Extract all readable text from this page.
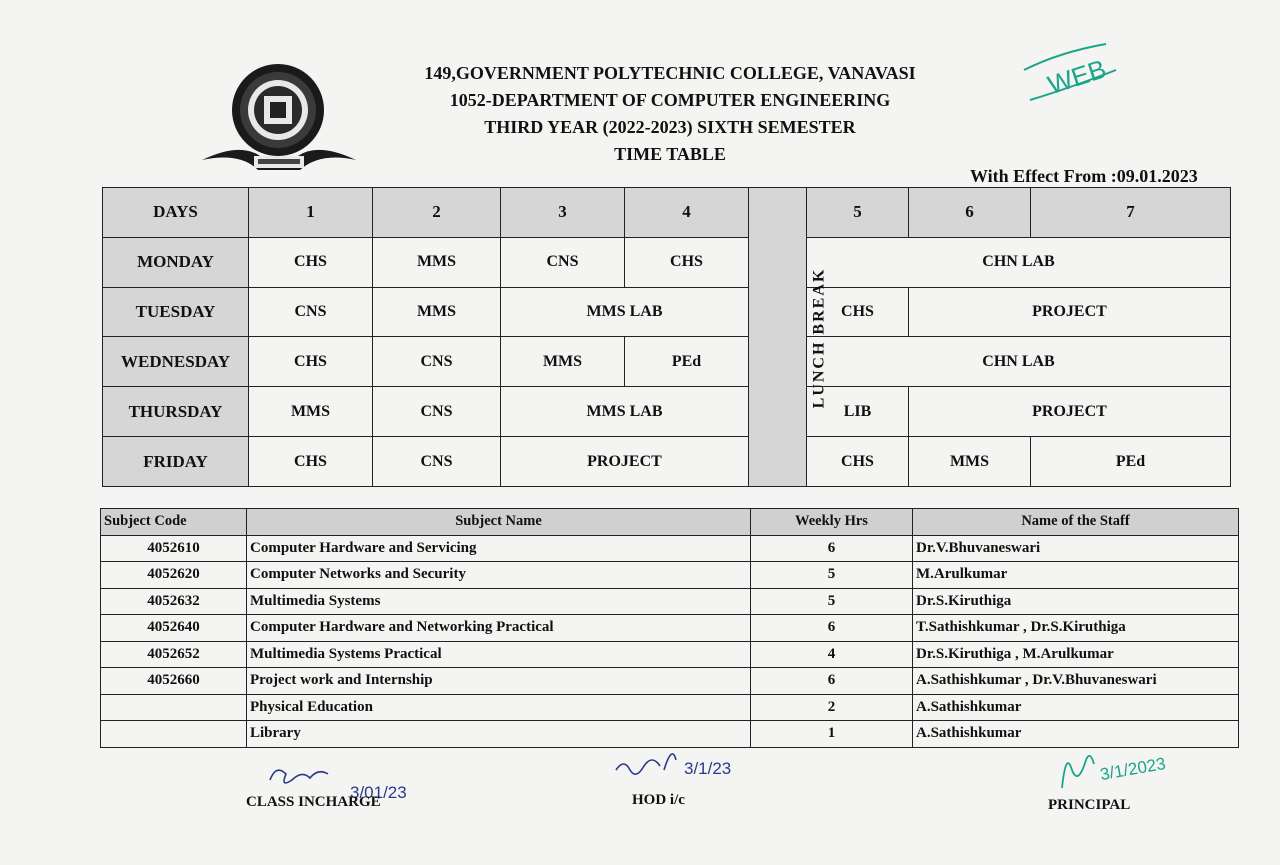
149,GOVERNMENT POLYTECHNIC COLLEGE, VANAVASI
1052-DEPARTMENT OF COMPUTER ENGINEERING
THIRD YEAR (2022-2023) SIXTH SEMESTER
TIME TABLE
WEB
With Effect From :09.01.2023
DAYS	1	2	3	4	LUNCH BREAK	5	6	7
MONDAY	CHS	MMS	CNS	CHS		CHN LAB		
TUESDAY	CNS	MMS	MMS LAB			CHS	PROJECT	
WEDNESDAY	CHS	CNS	MMS	PEd		CHN LAB		
THURSDAY	MMS	CNS	MMS LAB			LIB	PROJECT	
FRIDAY	CHS	CNS	PROJECT			CHS	MMS	PEd
Subject Code	Subject Name	Weekly Hrs	Name of the Staff
4052610	Computer Hardware and Servicing	6	Dr.V.Bhuvaneswari
4052620	Computer Networks and Security	5	M.Arulkumar
4052632	Multimedia Systems	5	Dr.S.Kiruthiga
4052640	Computer Hardware and Networking Practical	6	T.Sathishkumar , Dr.S.Kiruthiga
4052652	Multimedia Systems Practical	4	Dr.S.Kiruthiga , M.Arulkumar
4052660	Project work and Internship	6	A.Sathishkumar , Dr.V.Bhuvaneswari
	Physical Education	2	A.Sathishkumar
	Library	1	A.Sathishkumar
3/01/23
CLASS INCHARGE
3/1/23
HOD i/c
3/1/2023
PRINCIPAL
